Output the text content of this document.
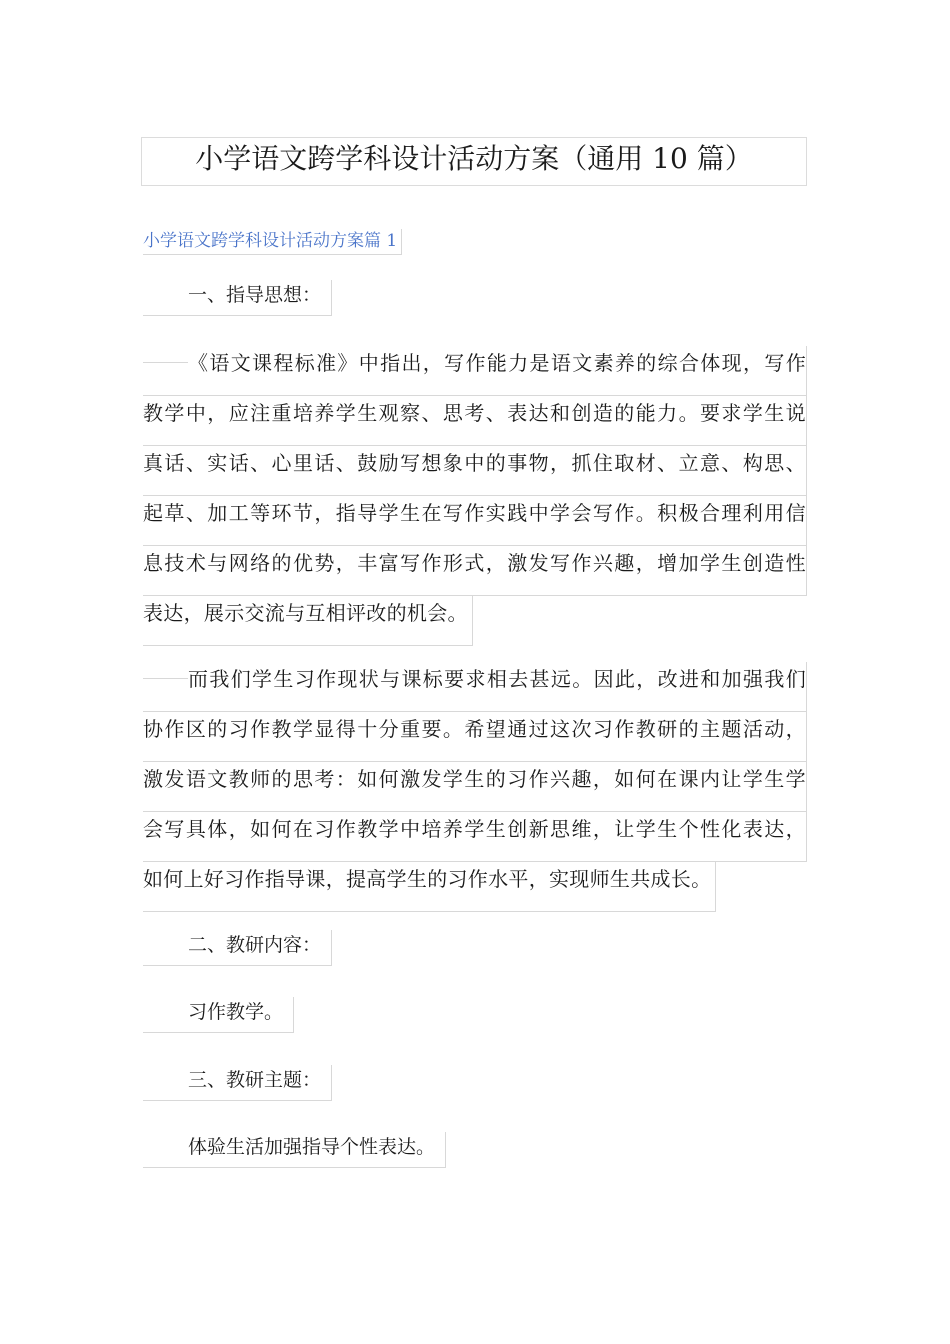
小学语文跨学科设计活动方案（通用 10 篇）
小学语文跨学科设计活动方案篇 1
一、指导思想：
《语文课程标准》中指出，写作能力是语文素养的综合体现，写作
教学中，应注重培养学生观察、思考、表达和创造的能力。要求学生说
真话、实话、心里话、鼓励写想象中的事物，抓住取材、立意、构思、
起草、加工等环节，指导学生在写作实践中学会写作。积极合理利用信
息技术与网络的优势，丰富写作形式，激发写作兴趣，增加学生创造性
表达，展示交流与互相评改的机会。
而我们学生习作现状与课标要求相去甚远。因此，改进和加强我们
协作区的习作教学显得十分重要。希望通过这次习作教研的主题活动，
激发语文教师的思考：如何激发学生的习作兴趣，如何在课内让学生学
会写具体，如何在习作教学中培养学生创新思维，让学生个性化表达，
如何上好习作指导课，提高学生的习作水平，实现师生共成长。
二、教研内容：
习作教学。
三、教研主题：
体验生活加强指导个性表达。
